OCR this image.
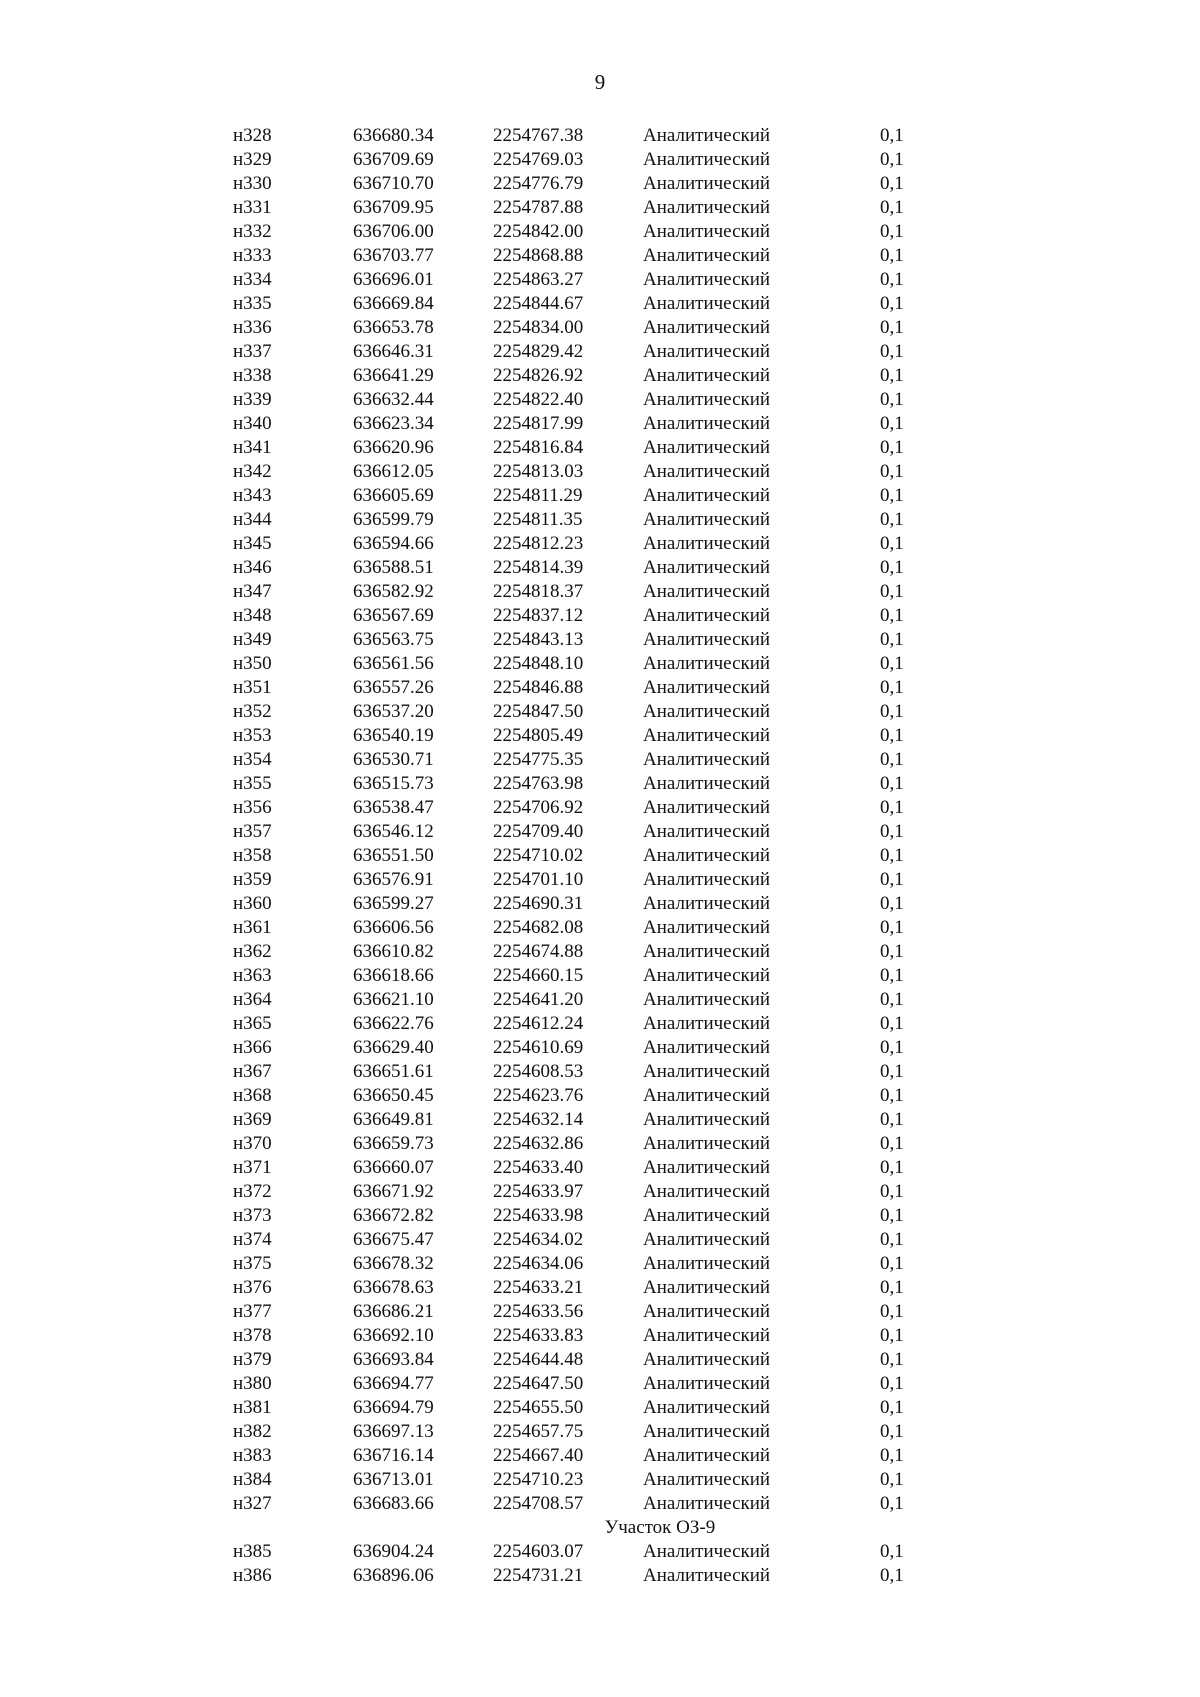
9
н328	636680.34	2254767.38	Аналитический	0,1
н329	636709.69	2254769.03	Аналитический	0,1
н330	636710.70	2254776.79	Аналитический	0,1
н331	636709.95	2254787.88	Аналитический	0,1
н332	636706.00	2254842.00	Аналитический	0,1
н333	636703.77	2254868.88	Аналитический	0,1
н334	636696.01	2254863.27	Аналитический	0,1
н335	636669.84	2254844.67	Аналитический	0,1
н336	636653.78	2254834.00	Аналитический	0,1
н337	636646.31	2254829.42	Аналитический	0,1
н338	636641.29	2254826.92	Аналитический	0,1
н339	636632.44	2254822.40	Аналитический	0,1
н340	636623.34	2254817.99	Аналитический	0,1
н341	636620.96	2254816.84	Аналитический	0,1
н342	636612.05	2254813.03	Аналитический	0,1
н343	636605.69	2254811.29	Аналитический	0,1
н344	636599.79	2254811.35	Аналитический	0,1
н345	636594.66	2254812.23	Аналитический	0,1
н346	636588.51	2254814.39	Аналитический	0,1
н347	636582.92	2254818.37	Аналитический	0,1
н348	636567.69	2254837.12	Аналитический	0,1
н349	636563.75	2254843.13	Аналитический	0,1
н350	636561.56	2254848.10	Аналитический	0,1
н351	636557.26	2254846.88	Аналитический	0,1
н352	636537.20	2254847.50	Аналитический	0,1
н353	636540.19	2254805.49	Аналитический	0,1
н354	636530.71	2254775.35	Аналитический	0,1
н355	636515.73	2254763.98	Аналитический	0,1
н356	636538.47	2254706.92	Аналитический	0,1
н357	636546.12	2254709.40	Аналитический	0,1
н358	636551.50	2254710.02	Аналитический	0,1
н359	636576.91	2254701.10	Аналитический	0,1
н360	636599.27	2254690.31	Аналитический	0,1
н361	636606.56	2254682.08	Аналитический	0,1
н362	636610.82	2254674.88	Аналитический	0,1
н363	636618.66	2254660.15	Аналитический	0,1
н364	636621.10	2254641.20	Аналитический	0,1
н365	636622.76	2254612.24	Аналитический	0,1
н366	636629.40	2254610.69	Аналитический	0,1
н367	636651.61	2254608.53	Аналитический	0,1
н368	636650.45	2254623.76	Аналитический	0,1
н369	636649.81	2254632.14	Аналитический	0,1
н370	636659.73	2254632.86	Аналитический	0,1
н371	636660.07	2254633.40	Аналитический	0,1
н372	636671.92	2254633.97	Аналитический	0,1
н373	636672.82	2254633.98	Аналитический	0,1
н374	636675.47	2254634.02	Аналитический	0,1
н375	636678.32	2254634.06	Аналитический	0,1
н376	636678.63	2254633.21	Аналитический	0,1
н377	636686.21	2254633.56	Аналитический	0,1
н378	636692.10	2254633.83	Аналитический	0,1
н379	636693.84	2254644.48	Аналитический	0,1
н380	636694.77	2254647.50	Аналитический	0,1
н381	636694.79	2254655.50	Аналитический	0,1
н382	636697.13	2254657.75	Аналитический	0,1
н383	636716.14	2254667.40	Аналитический	0,1
н384	636713.01	2254710.23	Аналитический	0,1
н327	636683.66	2254708.57	Аналитический	0,1
Участок ОЗ-9
н385	636904.24	2254603.07	Аналитический	0,1
н386	636896.06	2254731.21	Аналитический	0,1
